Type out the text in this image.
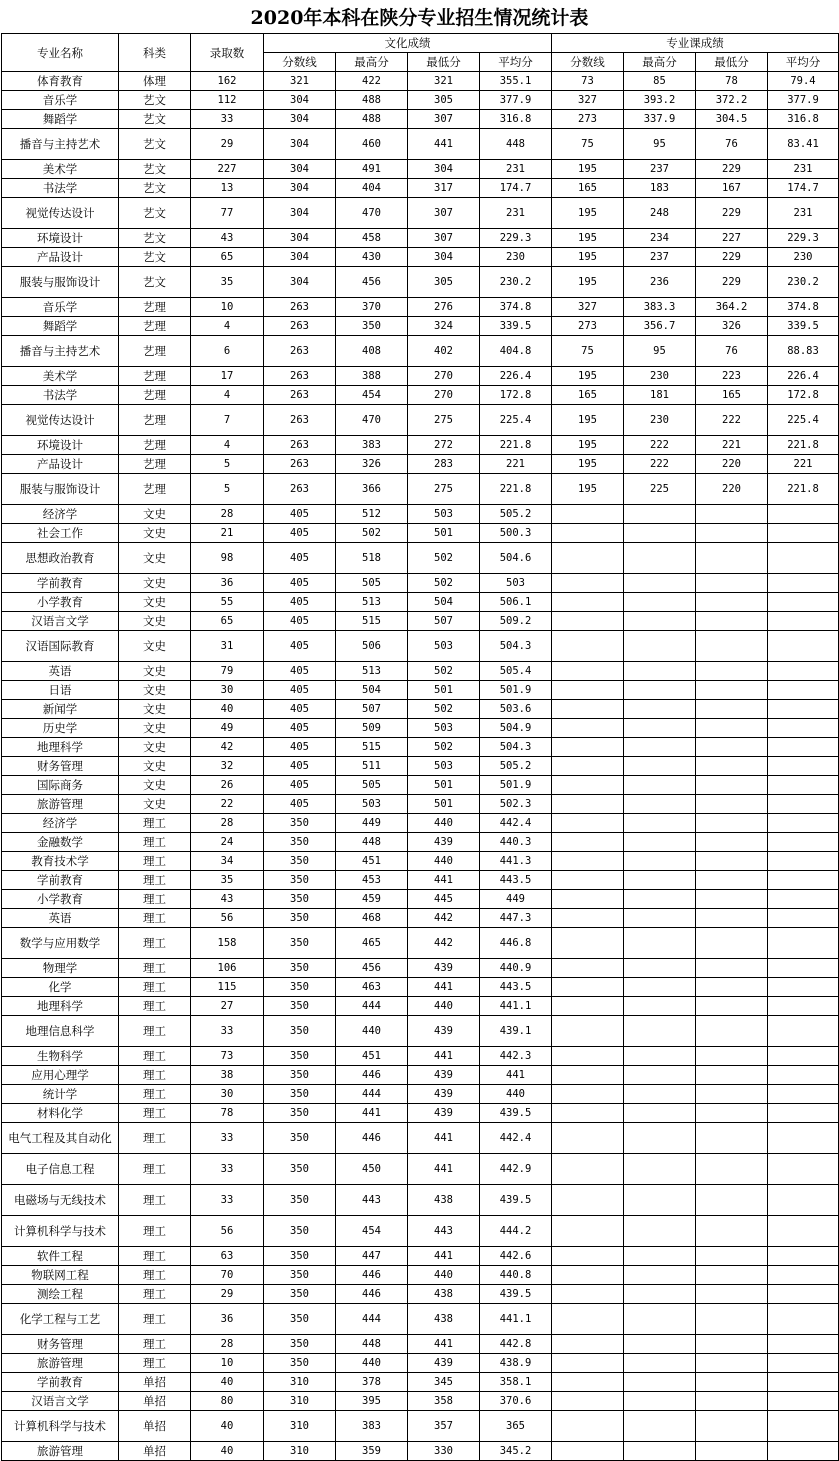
2020年本科在陕分专业招生情况统计表
专业名称	科类	录取数	文化成绩				专业课成绩			
			分数线	最高分	最低分	平均分	分数线	最高分	最低分	平均分
体育教育	体理	162	321	422	321	355.1	73	85	78	79.4
音乐学	艺文	112	304	488	305	377.9	327	393.2	372.2	377.9
舞蹈学	艺文	33	304	488	307	316.8	273	337.9	304.5	316.8
播音与主持艺术	艺文	29	304	460	441	448	75	95	76	83.41
美术学	艺文	227	304	491	304	231	195	237	229	231
书法学	艺文	13	304	404	317	174.7	165	183	167	174.7
视觉传达设计	艺文	77	304	470	307	231	195	248	229	231
环境设计	艺文	43	304	458	307	229.3	195	234	227	229.3
产品设计	艺文	65	304	430	304	230	195	237	229	230
服装与服饰设计	艺文	35	304	456	305	230.2	195	236	229	230.2
音乐学	艺理	10	263	370	276	374.8	327	383.3	364.2	374.8
舞蹈学	艺理	4	263	350	324	339.5	273	356.7	326	339.5
播音与主持艺术	艺理	6	263	408	402	404.8	75	95	76	88.83
美术学	艺理	17	263	388	270	226.4	195	230	223	226.4
书法学	艺理	4	263	454	270	172.8	165	181	165	172.8
视觉传达设计	艺理	7	263	470	275	225.4	195	230	222	225.4
环境设计	艺理	4	263	383	272	221.8	195	222	221	221.8
产品设计	艺理	5	263	326	283	221	195	222	220	221
服装与服饰设计	艺理	5	263	366	275	221.8	195	225	220	221.8
经济学	文史	28	405	512	503	505.2				
社会工作	文史	21	405	502	501	500.3				
思想政治教育	文史	98	405	518	502	504.6				
学前教育	文史	36	405	505	502	503				
小学教育	文史	55	405	513	504	506.1				
汉语言文学	文史	65	405	515	507	509.2				
汉语国际教育	文史	31	405	506	503	504.3				
英语	文史	79	405	513	502	505.4				
日语	文史	30	405	504	501	501.9				
新闻学	文史	40	405	507	502	503.6				
历史学	文史	49	405	509	503	504.9				
地理科学	文史	42	405	515	502	504.3				
财务管理	文史	32	405	511	503	505.2				
国际商务	文史	26	405	505	501	501.9				
旅游管理	文史	22	405	503	501	502.3				
经济学	理工	28	350	449	440	442.4				
金融数学	理工	24	350	448	439	440.3				
教育技术学	理工	34	350	451	440	441.3				
学前教育	理工	35	350	453	441	443.5				
小学教育	理工	43	350	459	445	449				
英语	理工	56	350	468	442	447.3				
数学与应用数学	理工	158	350	465	442	446.8				
物理学	理工	106	350	456	439	440.9				
化学	理工	115	350	463	441	443.5				
地理科学	理工	27	350	444	440	441.1				
地理信息科学	理工	33	350	440	439	439.1				
生物科学	理工	73	350	451	441	442.3				
应用心理学	理工	38	350	446	439	441				
统计学	理工	30	350	444	439	440				
材料化学	理工	78	350	441	439	439.5				
电气工程及其自动化	理工	33	350	446	441	442.4				
电子信息工程	理工	33	350	450	441	442.9				
电磁场与无线技术	理工	33	350	443	438	439.5				
计算机科学与技术	理工	56	350	454	443	444.2				
软件工程	理工	63	350	447	441	442.6				
物联网工程	理工	70	350	446	440	440.8				
测绘工程	理工	29	350	446	438	439.5				
化学工程与工艺	理工	36	350	444	438	441.1				
财务管理	理工	28	350	448	441	442.8				
旅游管理	理工	10	350	440	439	438.9				
学前教育	单招	40	310	378	345	358.1				
汉语言文学	单招	80	310	395	358	370.6				
计算机科学与技术	单招	40	310	383	357	365				
旅游管理	单招	40	310	359	330	345.2				
